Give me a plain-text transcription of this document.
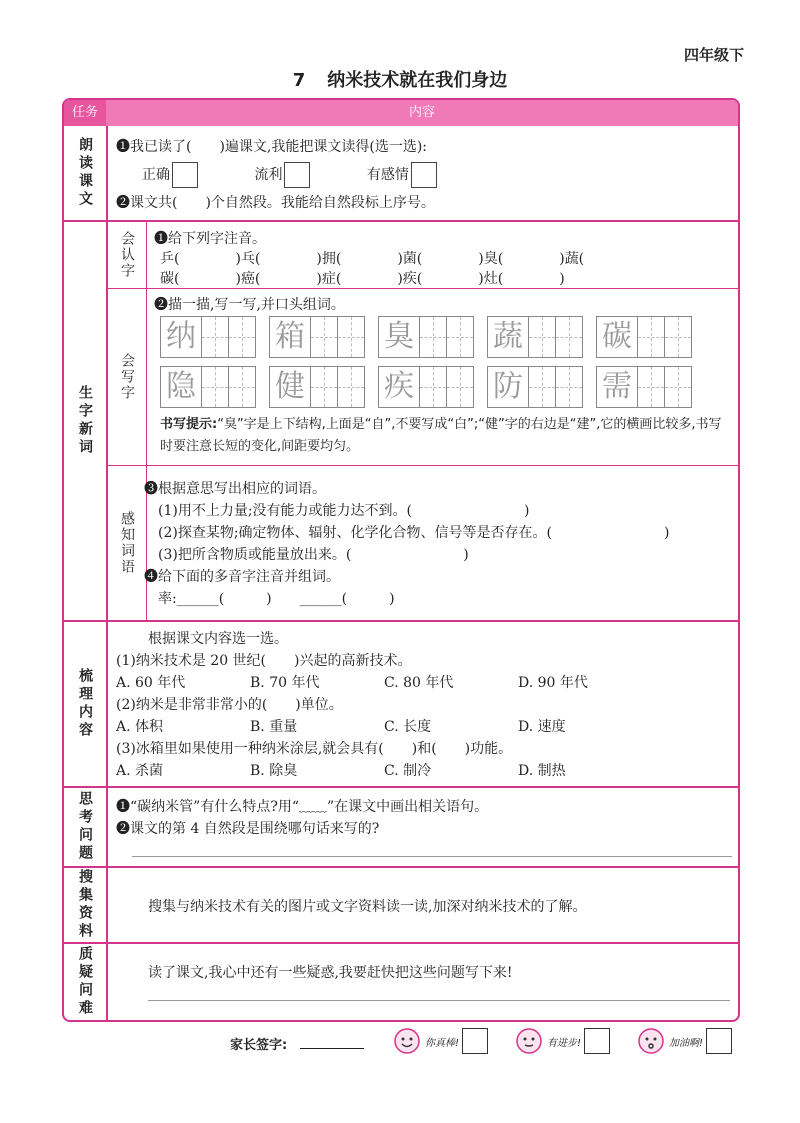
四年级下
7 纳米技术就在我们身边
任务	内容
朗读课文 ❶我已读了(　　)遍课文,我能把课文读得(选一选):
正确	流利	有感情
❷课文共(　　)个自然段。我能给自然段标上序号。
生字新词
会认字 ❶给下列字注音。
乒(　　　　)乓(　　　　)拥(　　　　)菌(　　　　)臭(　　　　)蔬(
碳(　　　　)癌(　　　　)症(　　　　)疾(　　　　)灶(　　　　)
会写字
❷描一描,写一写,并口头组词。
纳	箱	臭	蔬	碳
隐	健	疾	防	需
书写提示:“臭”字是上下结构,上面是“自”,不要写成“白”;“健”字的右边是“建”,它的横画比较多,书写时要注意长短的变化,间距要均匀。
感知词语
❸根据意思写出相应的词语。
(1)用不上力量;没有能力或能力达不到。(　　　　　　　　)
(2)探查某物;确定物体、辐射、化学化合物、信号等是否存在。(　　　　　　　　)
(3)把所含物质或能量放出来。(　　　　　　　　)
❹给下面的多音字注音并组词。
率:______(　　　)　　______(　　　)
梳理内容
根据课文内容选一选。
(1)纳米技术是 20 世纪(　　)兴起的高新技术。
A. 60 年代	B. 70 年代	C. 80 年代	D. 90 年代
(2)纳米是非常非常小的(　　)单位。
A. 体积	B. 重量	C. 长度	D. 速度
(3)冰箱里如果使用一种纳米涂层,就会具有(　　)和(　　)功能。
A. 杀菌	B. 除臭	C. 制冷	D. 制热
思考问题 ❶“碳纳米管”有什么特点?用“﹏﹏”在课文中画出相关语句。
❷课文的第 4 自然段是围绕哪句话来写的?
搜集资料	搜集与纳米技术有关的图片或文字资料读一读,加深对纳米技术的了解。
质疑问难	读了课文,我心中还有一些疑惑,我要赶快把这些问题写下来!
家长签字:	你真棒!	有进步!	加油啊!
